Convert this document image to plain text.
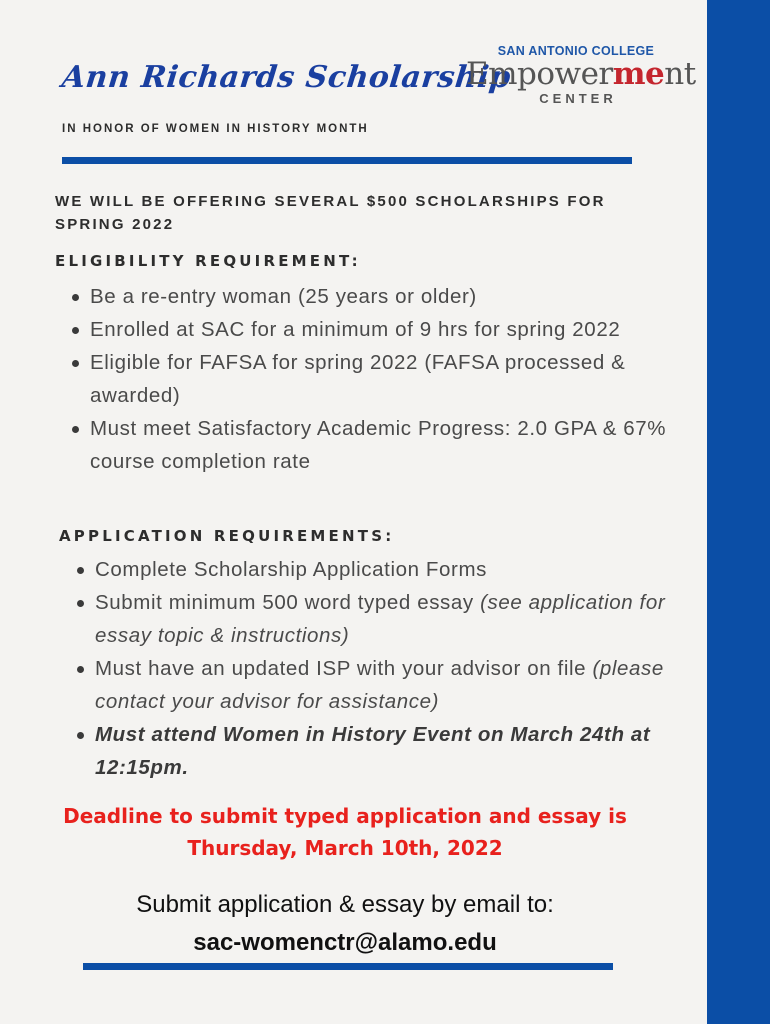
Ann Richards Scholarship
SAN ANTONIO COLLEGE
Empowerment
CENTER
IN HONOR OF WOMEN IN HISTORY MONTH
WE WILL BE OFFERING SEVERAL $500 SCHOLARSHIPS FOR SPRING 2022
ELIGIBILITY REQUIREMENT:
Be a re-entry woman (25 years or older)
Enrolled at SAC for a minimum of 9 hrs for spring 2022
Eligible for FAFSA for spring 2022 (FAFSA processed & awarded)
Must meet Satisfactory Academic Progress: 2.0 GPA & 67% course completion rate
APPLICATION REQUIREMENTS:
Complete Scholarship Application Forms
Submit minimum 500 word typed essay (see application for essay topic & instructions)
Must have an updated ISP with your advisor on file (please contact your advisor for assistance)
Must attend Women in History Event on March 24th at 12:15pm.
Deadline to submit typed application and essay is Thursday, March 10th, 2022
Submit application & essay by email to:
sac-womenctr@alamo.edu
